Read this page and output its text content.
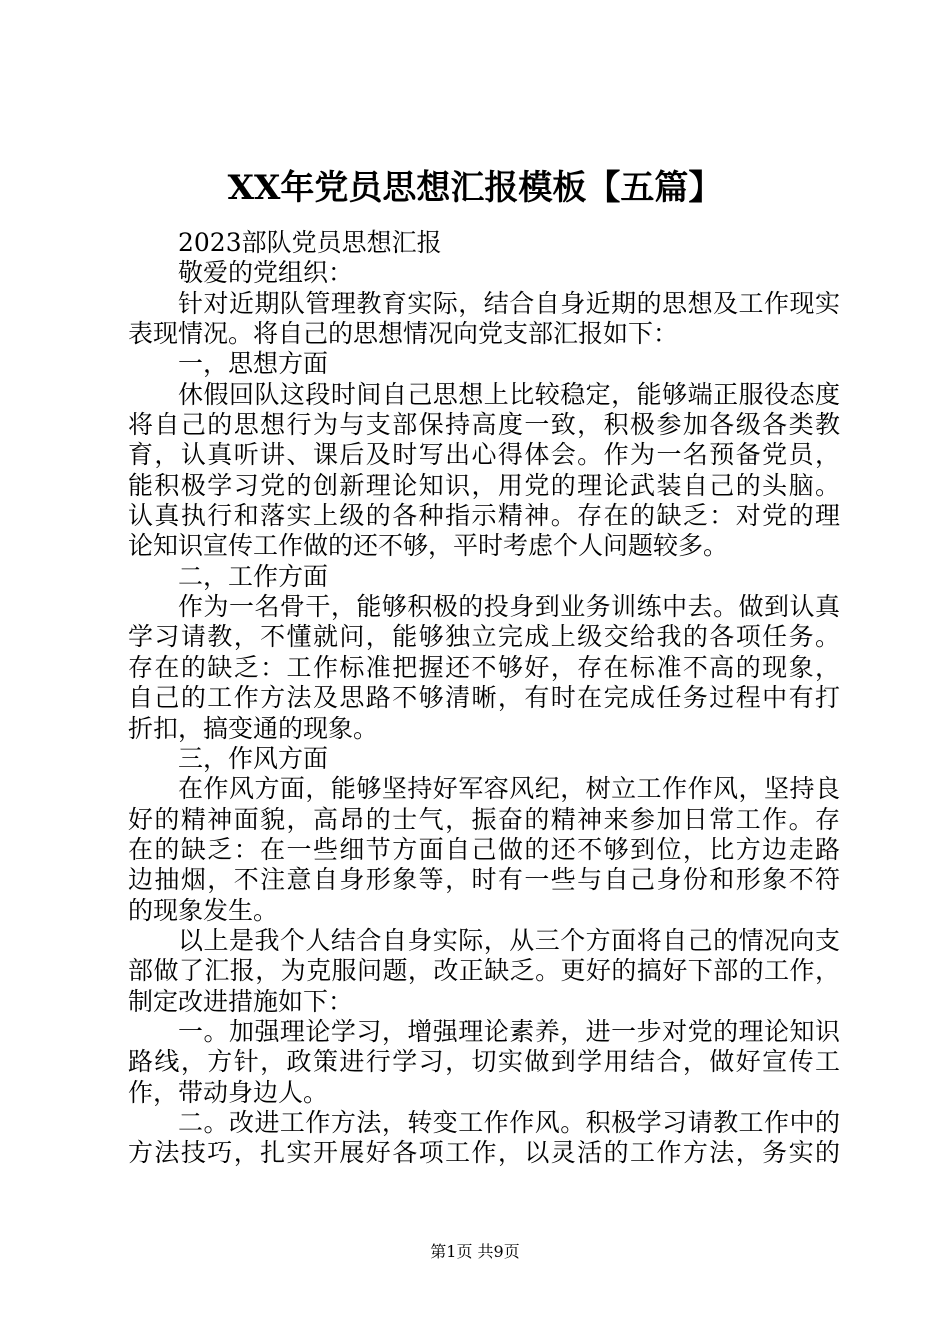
XX年党员思想汇报模板【五篇】
2023部队党员思想汇报
敬爱的党组织：
针对近期队管理教育实际，结合自身近期的思想及工作现实
表现情况。将自己的思想情况向党支部汇报如下：
一，思想方面
休假回队这段时间自己思想上比较稳定，能够端正服役态度
将自己的思想行为与支部保持高度一致，积极参加各级各类教
育，认真听讲、课后及时写出心得体会。作为一名预备党员，
能积极学习党的创新理论知识，用党的理论武装自己的头脑。
认真执行和落实上级的各种指示精神。存在的缺乏：对党的理
论知识宣传工作做的还不够，平时考虑个人问题较多。
二，工作方面
作为一名骨干，能够积极的投身到业务训练中去。做到认真
学习请教，不懂就问，能够独立完成上级交给我的各项任务。
存在的缺乏：工作标准把握还不够好，存在标准不高的现象，
自己的工作方法及思路不够清晰，有时在完成任务过程中有打
折扣，搞变通的现象。
三，作风方面
在作风方面，能够坚持好军容风纪，树立工作作风，坚持良
好的精神面貌，高昂的士气，振奋的精神来参加日常工作。存
在的缺乏：在一些细节方面自己做的还不够到位，比方边走路
边抽烟，不注意自身形象等，时有一些与自己身份和形象不符
的现象发生。
以上是我个人结合自身实际，从三个方面将自己的情况向支
部做了汇报，为克服问题，改正缺乏。更好的搞好下部的工作，
制定改进措施如下：
一。加强理论学习，增强理论素养，进一步对党的理论知识
路线，方针，政策进行学习，切实做到学用结合，做好宣传工
作，带动身边人。
二。改进工作方法，转变工作作风。积极学习请教工作中的
方法技巧，扎实开展好各项工作，以灵活的工作方法，务实的
第1页 共9页
